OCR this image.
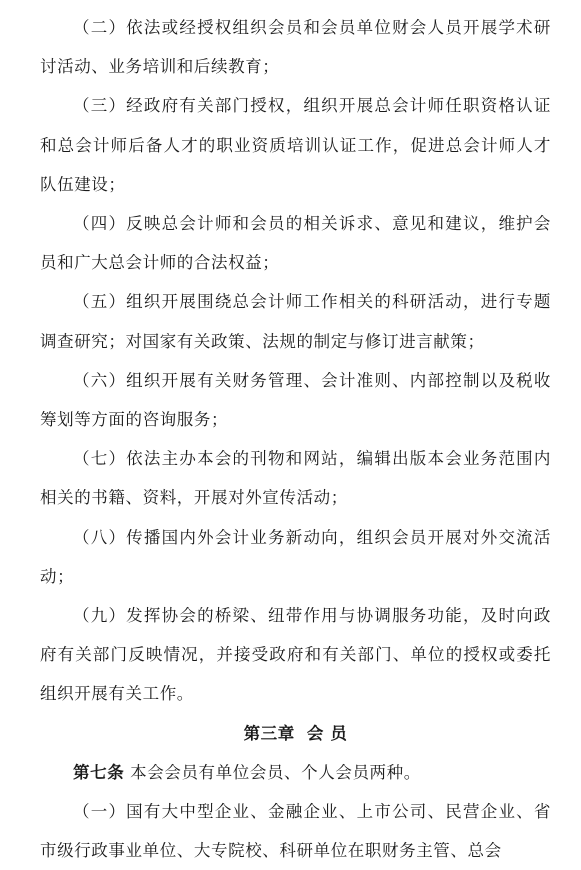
（二）依法或经授权组织会员和会员单位财会人员开展学术研讨活动、业务培训和后续教育；

（三）经政府有关部门授权，组织开展总会计师任职资格认证和总会计师后备人才的职业资质培训认证工作，促进总会计师人才队伍建设；

（四）反映总会计师和会员的相关诉求、意见和建议，维护会员和广大总会计师的合法权益；

（五）组织开展围绕总会计师工作相关的科研活动，进行专题调查研究；对国家有关政策、法规的制定与修订进言献策；

（六）组织开展有关财务管理、会计准则、内部控制以及税收筹划等方面的咨询服务；

（七）依法主办本会的刊物和网站，编辑出版本会业务范围内相关的书籍、资料，开展对外宣传活动；

（八）传播国内外会计业务新动向，组织会员开展对外交流活动；

（九）发挥协会的桥梁、纽带作用与协调服务功能，及时向政府有关部门反映情况，并接受政府和有关部门、单位的授权或委托组织开展有关工作。

第三章 会 员

第七条 本会会员有单位会员、个人会员两种。

（一）国有大中型企业、金融企业、上市公司、民营企业、省市级行政事业单位、大专院校、科研单位在职财务主管、总会
